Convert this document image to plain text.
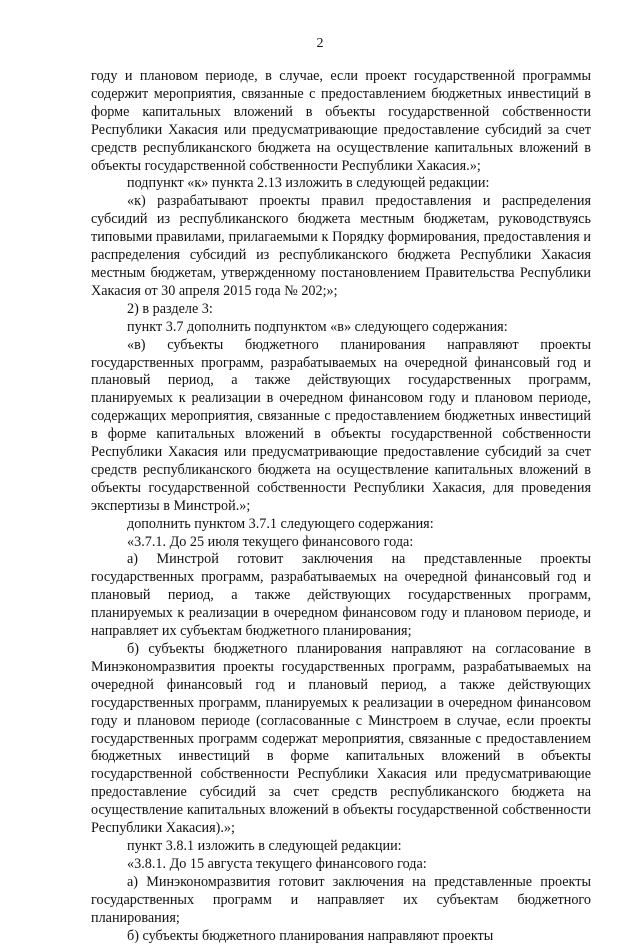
2

году и плановом периоде, в случае, если проект государственной программы содержит мероприятия, связанные с предоставлением бюджетных инвестиций в форме капитальных вложений в объекты государственной собственности Республики Хакасия или предусматривающие предоставление субсидий за счет средств республиканского бюджета на осуществление капитальных вложений в объекты государственной собственности Республики Хакасия.»;

подпункт «к» пункта 2.13 изложить в следующей редакции:

«к) разрабатывают проекты правил предоставления и распределения субсидий из республиканского бюджета местным бюджетам, руководствуясь типовыми правилами, прилагаемыми к Порядку формирования, предоставления и распределения субсидий из республиканского бюджета Республики Хакасия местным бюджетам, утвержденному постановлением Правительства Республики Хакасия от 30 апреля 2015 года № 202;»;

2) в разделе 3:

пункт 3.7 дополнить подпунктом «в» следующего содержания:

«в) субъекты бюджетного планирования направляют проекты государственных программ, разрабатываемых на очередной финансовый год и плановый период, а также действующих государственных программ, планируемых к реализации в очередном финансовом году и плановом периоде, содержащих мероприятия, связанные с предоставлением бюджетных инвестиций в форме капитальных вложений в объекты государственной собственности Республики Хакасия или предусматривающие предоставление субсидий за счет средств республиканского бюджета на осуществление капитальных вложений в объекты государственной собственности Республики Хакасия, для проведения экспертизы в Минстрой.»;

дополнить пунктом 3.7.1 следующего содержания:

«3.7.1. До 25 июля текущего финансового года:

а) Минстрой готовит заключения на представленные проекты государственных программ, разрабатываемых на очередной финансовый год и плановый период, а также действующих государственных программ, планируемых к реализации в очередном финансовом году и плановом периоде, и направляет их субъектам бюджетного планирования;

б) субъекты бюджетного планирования направляют на согласование в Минэкономразвития проекты государственных программ, разрабатываемых на очередной финансовый год и плановый период, а также действующих государственных программ, планируемых к реализации в очередном финансовом году и плановом периоде (согласованные с Минстроем в случае, если проекты государственных программ содержат мероприятия, связанные с предоставлением бюджетных инвестиций в форме капитальных вложений в объекты государственной собственности Республики Хакасия или предусматривающие предоставление субсидий за счет средств республиканского бюджета на осуществление капитальных вложений в объекты государственной собственности Республики Хакасия).»;

пункт 3.8.1 изложить в следующей редакции:

«3.8.1. До 15 августа текущего финансового года:

а) Минэкономразвития готовит заключения на представленные проекты государственных программ и направляет их субъектам бюджетного планирования;

б) субъекты бюджетного планирования направляют проекты
